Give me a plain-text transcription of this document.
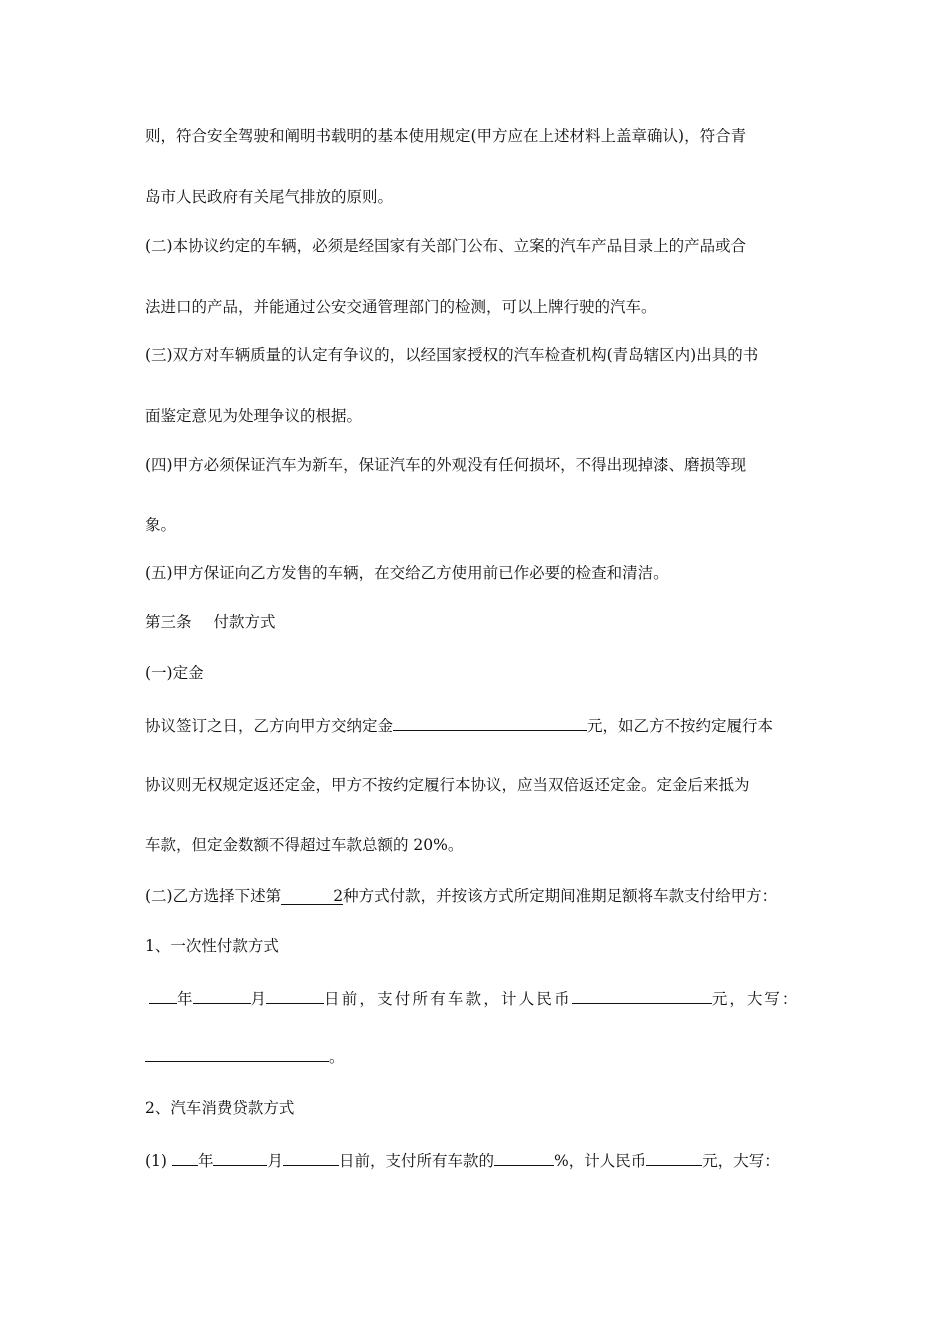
则，符合安全驾驶和阐明书载明的基本使用规定(甲方应在上述材料上盖章确认)，符合青
岛市人民政府有关尾气排放的原则。
(二)本协议约定的车辆，必须是经国家有关部门公布、立案的汽车产品目录上的产品或合
法进口的产品，并能通过公安交通管理部门的检测，可以上牌行驶的汽车。
(三)双方对车辆质量的认定有争议的，以经国家授权的汽车检查机构(青岛辖区内)出具的书
面鉴定意见为处理争议的根据。
(四)甲方必须保证汽车为新车，保证汽车的外观没有任何损坏，不得出现掉漆、磨损等现
象。
(五)甲方保证向乙方发售的车辆，在交给乙方使用前已作必要的检查和清洁。
第三条 付款方式
(一)定金
协议签订之日，乙方向甲方交纳定金	元，如乙方不按约定履行本
协议则无权规定返还定金，甲方不按约定履行本协议，应当双倍返还定金。定金后来抵为
车款，但定金数额不得超过车款总额的 20%。
(二)乙方选择下述第	2种方式付款，并按该方式所定期间准期足额将车款支付给甲方：
1、一次性付款方式
年	月	日前，支付所有车款，计人民币	元，大写：
。
2、汽车消费贷款方式
(1) 年	月	日前，支付所有车款的	%，计人民币	元，大写：
